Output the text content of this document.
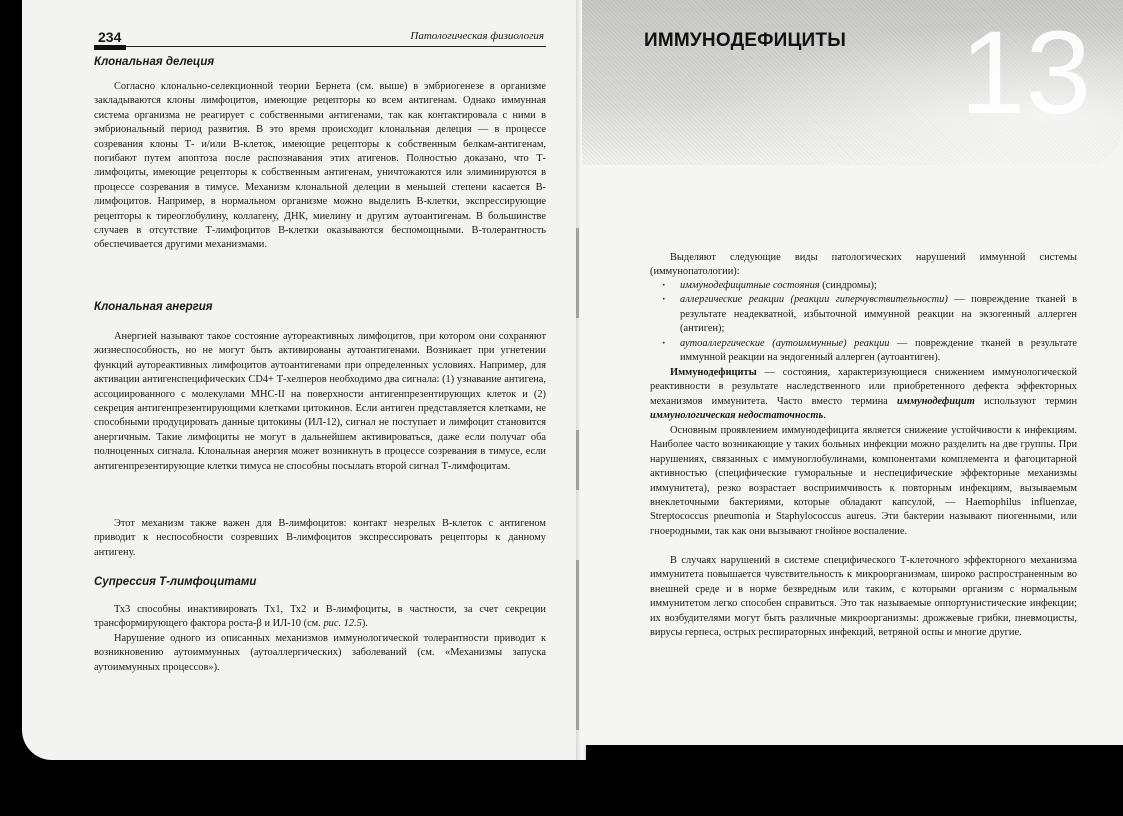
234	Патологическая физиология
Клональная делеция

Согласно клонально-селекционной теории Бернета (см. выше) в эмбриогенезе в организме закладываются клоны лимфоцитов, имеющие рецепторы ко всем антигенам. Однако иммунная система организма не реагирует с собственными антигенами, так как контактировала с ними в эмбриональный период развития. В это время происходит клональная делеция — в процессе созревания клоны Т- и/или В-клеток, имеющие рецепторы к собственным белкам-антигенам, погибают путем апоптоза после распознавания этих атигенов. Полностью доказано, что Т-лимфоциты, имеющие рецепторы к собственным антигенам, уничтожаются или элиминируются в процессе созревания в тимусе. Механизм клональной делеции в меньшей степени касается В-лимфоцитов. Например, в нормальном организме можно выделить В-клетки, экспрессирующие рецепторы к тиреоглобулину, коллагену, ДНК, миелину и другим аутоантигенам. В большинстве случаев в отсутствие Т-лимфоцитов В-клетки оказываются беспомощными. В-толерантность обеспечивается другими механизмами.

Клональная анергия

Анергией называют такое состояние аутореактивных лимфоцитов, при котором они сохраняют жизнеспособность, но не могут быть активированы аутоантигенами. Возникает при угнетении функций аутореактивных лимфоцитов аутоантигенами при определенных условиях. Например, для активации антигенспецифических CD4+ Т-хелперов необходимо два сигнала: (1) узнавание антигена, ассоциированного с молекулами МНС-II на поверхности антигенпрезентирующих клеток и (2) секреция антигенпрезентирующими клетками цитокинов. Если антиген представляется клетками, не способными продуцировать данные цитокины (ИЛ-12), сигнал не поступает и лимфоцит становится анергичным. Такие лимфоциты не могут в дальнейшем активироваться, даже если получат оба полноценных сигнала. Клональная анергия может возникнуть в процессе созревания в тимусе, если антигенпрезентирующие клетки тимуса не способны посылать второй сигнал Т-лимфоцитам.

Этот механизм также важен для В-лимфоцитов: контакт незрелых В-клеток с антигеном приводит к неспособности созревших В-лимфоцитов экспрессировать рецепторы к данному антигену.

Супрессия Т-лимфоцитами

Тх3 способны инактивировать Тх1, Тх2 и В-лимфоциты, в частности, за счет секреции трансформирующего фактора роста-β и ИЛ-10 (см. рис. 12.5).

Нарушение одного из описанных механизмов иммунологической толерантности приводит к возникновению аутоиммунных (аутоаллергических) заболеваний (см. «Механизмы запуска аутоиммунных процессов»).

ИММУНОДЕФИЦИТЫ 13

Выделяют следующие виды патологических нарушений иммунной системы (иммунопатологии):

· иммунодефицитные состояния (синдромы);
· аллергические реакции (реакции гиперчувствительности) — повреждение тканей в результате неадекватной, избыточной иммунной реакции на экзогенный аллерген (антиген);
· аутоаллергические (аутоиммунные) реакции — повреждение тканей в результате иммунной реакции на эндогенный аллерген (аутоантиген).

Иммунодефициты — состояния, характеризующиеся снижением иммунологической реактивности в результате наследственного или приобретенного дефекта эффекторных механизмов иммунитета. Часто вместо термина иммунодефицит используют термин иммунологическая недостаточность.

Основным проявлением иммунодефицита является снижение устойчивости к инфекциям. Наиболее часто возникающие у таких больных инфекции можно разделить на две группы. При нарушениях, связанных с иммуноглобулинами, компонентами комплемента и фагоцитарной активностью (специфические гуморальные и неспецифические эффекторные механизмы иммунитета), резко возрастает восприимчивость к повторным инфекциям, вызываемым внеклеточными бактериями, которые обладают капсулой, — Haemophilus influenzae, Streptococcus pneumonia и Staphylococcus aureus. Эти бактерии называют пиогенными, или гноеродными, так как они вызывают гнойное воспаление.

В случаях нарушений в системе специфического Т-клеточного эффекторного механизма иммунитета повышается чувствительность к микроорганизмам, широко распространенным во внешней среде и в норме безвредным или таким, с которыми организм с нормальным иммунитетом легко способен справиться. Это так называемые оппортунистические инфекции; их возбудителями могут быть различные микроорганизмы: дрожжевые грибки, пневмоцисты, вирусы герпеса, острых респираторных инфекций, ветряной оспы и многие другие.
